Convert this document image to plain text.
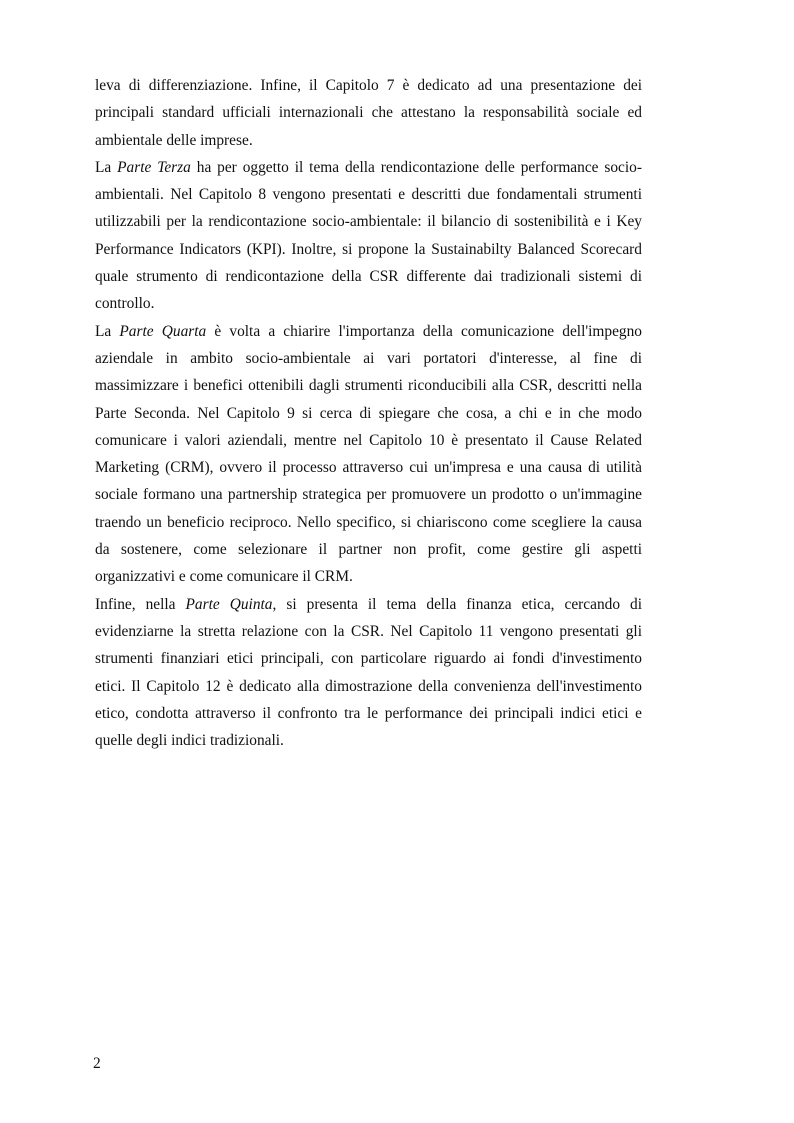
leva di differenziazione. Infine, il Capitolo 7 è dedicato ad una presentazione dei principali standard ufficiali internazionali che attestano la responsabilità sociale ed ambientale delle imprese.

La Parte Terza ha per oggetto il tema della rendicontazione delle performance socio-ambientali. Nel Capitolo 8 vengono presentati e descritti due fondamentali strumenti utilizzabili per la rendicontazione socio-ambientale: il bilancio di sostenibilità e i Key Performance Indicators (KPI). Inoltre, si propone la Sustainabilty Balanced Scorecard quale strumento di rendicontazione della CSR differente dai tradizionali sistemi di controllo.

La Parte Quarta è volta a chiarire l'importanza della comunicazione dell'impegno aziendale in ambito socio-ambientale ai vari portatori d'interesse, al fine di massimizzare i benefici ottenibili dagli strumenti riconducibili alla CSR, descritti nella Parte Seconda. Nel Capitolo 9 si cerca di spiegare che cosa, a chi e in che modo comunicare i valori aziendali, mentre nel Capitolo 10 è presentato il Cause Related Marketing (CRM), ovvero il processo attraverso cui un'impresa e una causa di utilità sociale formano una partnership strategica per promuovere un prodotto o un'immagine traendo un beneficio reciproco. Nello specifico, si chiariscono come scegliere la causa da sostenere, come selezionare il partner non profit, come gestire gli aspetti organizzativi e come comunicare il CRM.

Infine, nella Parte Quinta, si presenta il tema della finanza etica, cercando di evidenziarne la stretta relazione con la CSR. Nel Capitolo 11 vengono presentati gli strumenti finanziari etici principali, con particolare riguardo ai fondi d'investimento etici. Il Capitolo 12 è dedicato alla dimostrazione della convenienza dell'investimento etico, condotta attraverso il confronto tra le performance dei principali indici etici e quelle degli indici tradizionali.

2
